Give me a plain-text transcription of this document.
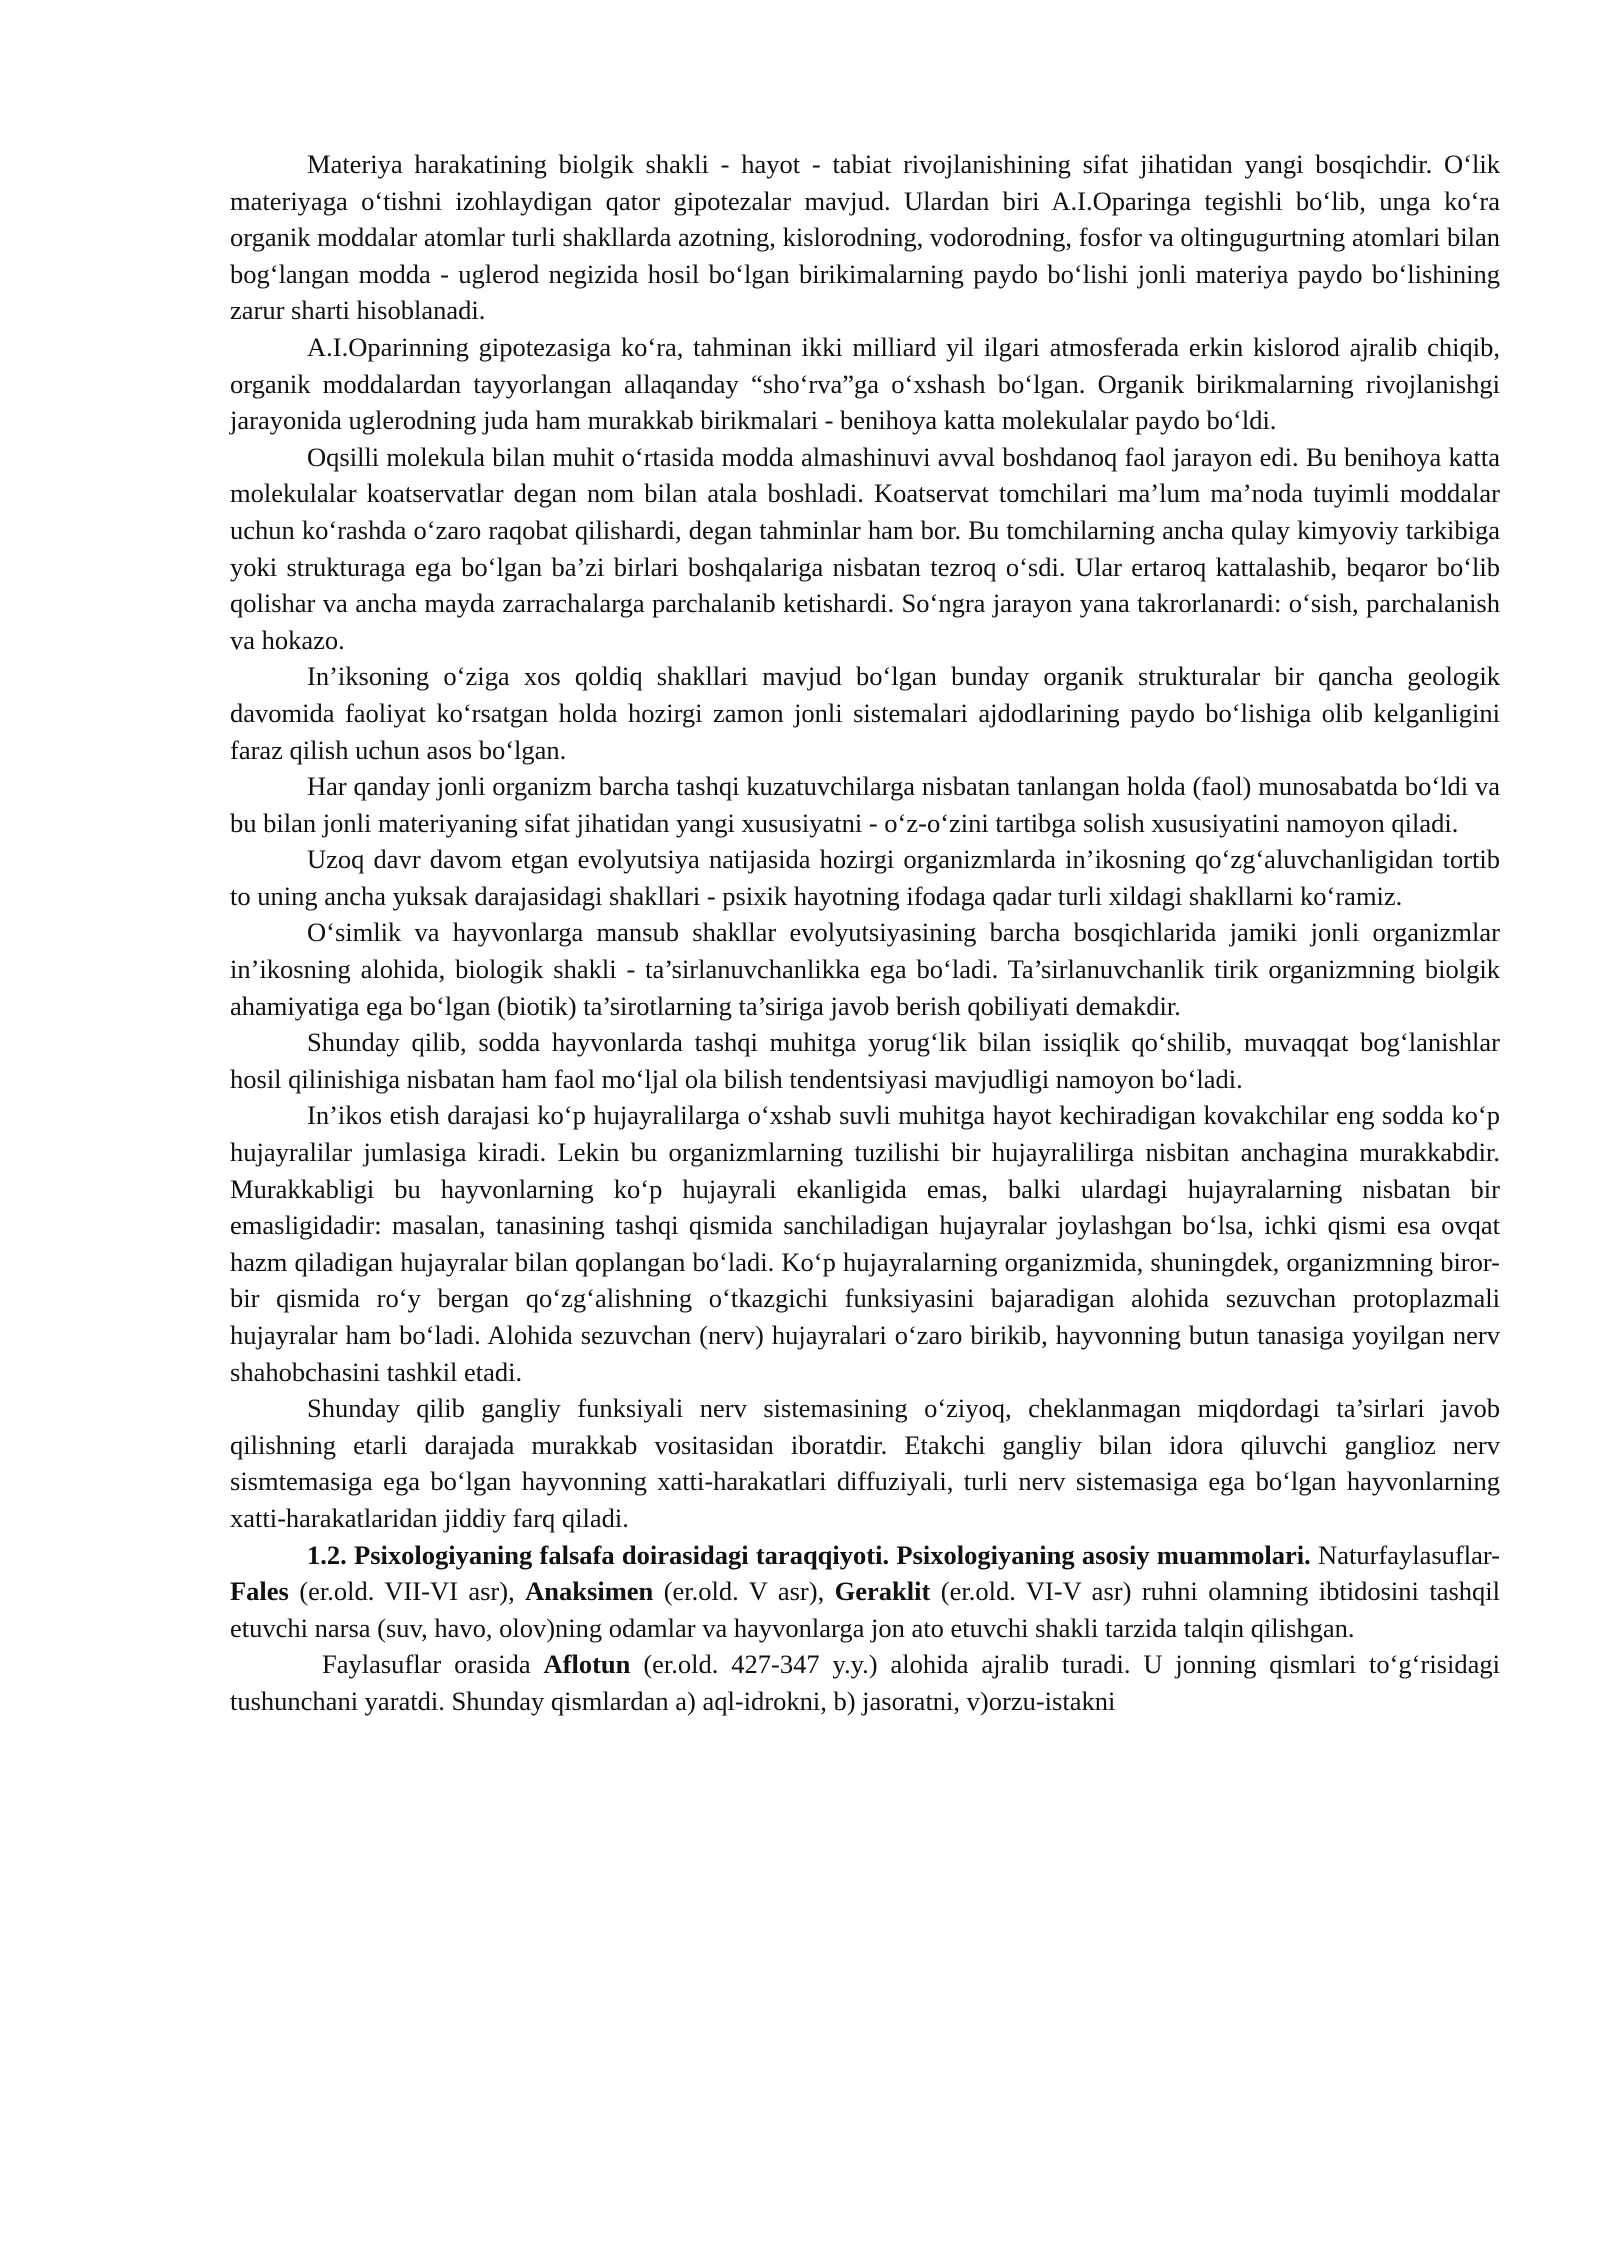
Materiya harakatining biolgik shakli - hayot - tabiat rivojlanishining sifat jihatidan yangi bosqichdir. O‘lik materiyaga o‘tishni izohlaydigan qator gipotezalar mavjud. Ulardan biri A.I.Oparinga tegishli bo‘lib, unga ko‘ra organik moddalar atomlar turli shakllarda azotning, kislorodning, vodorodning, fosfor va oltingugurtning atomlari bilan bog‘langan modda - uglerod negizida hosil bo‘lgan birikimalarning paydo bo‘lishi jonli materiya paydo bo‘lishining zarur sharti hisoblanadi.

A.I.Oparinning gipotezasiga ko‘ra, tahminan ikki milliard yil ilgari atmosferada erkin kislorod ajralib chiqib, organik moddalardan tayyorlangan allaqanday “sho‘rva”ga o‘xshash bo‘lgan. Organik birikmalarning rivojlanishgi jarayonida uglerodning juda ham murakkab birikmalari - benihoya katta molekulalar paydo bo‘ldi.

Oqsilli molekula bilan muhit o‘rtasida modda almashinuvi avval boshdanoq faol jarayon edi. Bu benihoya katta molekulalar koatservatlar degan nom bilan atala boshladi. Koatservat tomchilari ma’lum ma’noda tuyimli moddalar uchun ko‘rashda o‘zaro raqobat qilishardi, degan tahminlar ham bor. Bu tomchilarning ancha qulay kimyoviy tarkibiga yoki strukturaga ega bo‘lgan ba’zi birlari boshqalariga nisbatan tezroq o‘sdi. Ular ertaroq kattalashib, beqaror bo‘lib qolishar va ancha mayda zarrachalarga parchalanib ketishardi. So‘ngra jarayon yana takrorlanardi: o‘sish, parchalanish va hokazo.

In’iksoning o‘ziga xos qoldiq shakllari mavjud bo‘lgan bunday organik strukturalar bir qancha geologik davomida faoliyat ko‘rsatgan holda hozirgi zamon jonli sistemalari ajdodlarining paydo bo‘lishiga olib kelganligini faraz qilish uchun asos bo‘lgan.

Har qanday jonli organizm barcha tashqi kuzatuvchilarga nisbatan tanlangan holda (faol) munosabatda bo‘ldi va bu bilan jonli materiyaning sifat jihatidan yangi xususiyatni - o‘z-o‘zini tartibga solish xususiyatini namoyon qiladi.

Uzoq davr davom etgan evolyutsiya natijasida hozirgi organizmlarda in’ikosning qo‘zg‘aluvchanligidan tortib to uning ancha yuksak darajasidagi shakllari - psixik hayotning ifodaga qadar turli xildagi shakllarni ko‘ramiz.

O‘simlik va hayvonlarga mansub shakllar evolyutsiyasining barcha bosqichlarida jamiki jonli organizmlar in’ikosning alohida, biologik shakli - ta’sirlanuvchanlikka ega bo‘ladi. Ta’sirlanuvchanlik tirik organizmning biolgik ahamiyatiga ega bo‘lgan (biotik) ta’sirotlarning ta’siriga javob berish qobiliyati demakdir.

Shunday qilib, sodda hayvonlarda tashqi muhitga yorug‘lik bilan issiqlik qo‘shilib, muvaqqat bog‘lanishlar hosil qilinishiga nisbatan ham faol mo‘ljal ola bilish tendentsiyasi mavjudligi namoyon bo‘ladi.

In’ikos etish darajasi ko‘p hujayralilarga o‘xshab suvli muhitga hayot kechiradigan kovakchilar eng sodda ko‘p hujayralilar jumlasiga kiradi. Lekin bu organizmlarning tuzilishi bir hujayralilirga nisbitan anchagina murakkabdir. Murakkabligi bu hayvonlarning ko‘p hujayrali ekanligida emas, balki ulardagi hujayralarning nisbatan bir emasligidadir: masalan, tanasining tashqi qismida sanchiladigan hujayralar joylashgan bo‘lsa, ichki qismi esa ovqat hazm qiladigan hujayralar bilan qoplangan bo‘ladi. Ko‘p hujayralarning organizmida, shuningdek, organizmning biror-bir qismida ro‘y bergan qo‘zg‘alishning o‘tkazgichi funksiyasini bajaradigan alohida sezuvchan protoplazmali hujayralar ham bo‘ladi. Alohida sezuvchan (nerv) hujayralari o‘zaro birikib, hayvonning butun tanasiga yoyilgan nerv shahobchasini tashkil etadi.

Shunday qilib gangliy funksiyali nerv sistemasining o‘ziyoq, cheklanmagan miqdordagi ta’sirlari javob qilishning etarli darajada murakkab vositasidan iboratdir. Etakchi gangliy bilan idora qiluvchi ganglioz nerv sismtemasiga ega bo‘lgan hayvonning xatti-harakatlari diffuziyali, turli nerv sistemasiga ega bo‘lgan hayvonlarning xatti-harakatlaridan jiddiy farq qiladi.

1.2. Psixologiyaning falsafa doirasidagi taraqqiyoti. Psixologiyaning asosiy muammolari. Naturfaylasuflar-Fales (er.old. VII-VI asr), Anaksimen (er.old. V asr), Geraklit (er.old. VI-V asr) ruhni olamning ibtidosini tashqil etuvchi narsa (suv, havo, olov)ning odamlar va hayvonlarga jon ato etuvchi shakli tarzida talqin qilishgan.

Faylasuflar orasida Aflotun (er.old. 427-347 y.y.) alohida ajralib turadi. U jonning qismlari to‘g‘risidagi tushunchani yaratdi. Shunday qismlardan a) aql-idrokni, b) jasoratni, v)orzu-istakni
